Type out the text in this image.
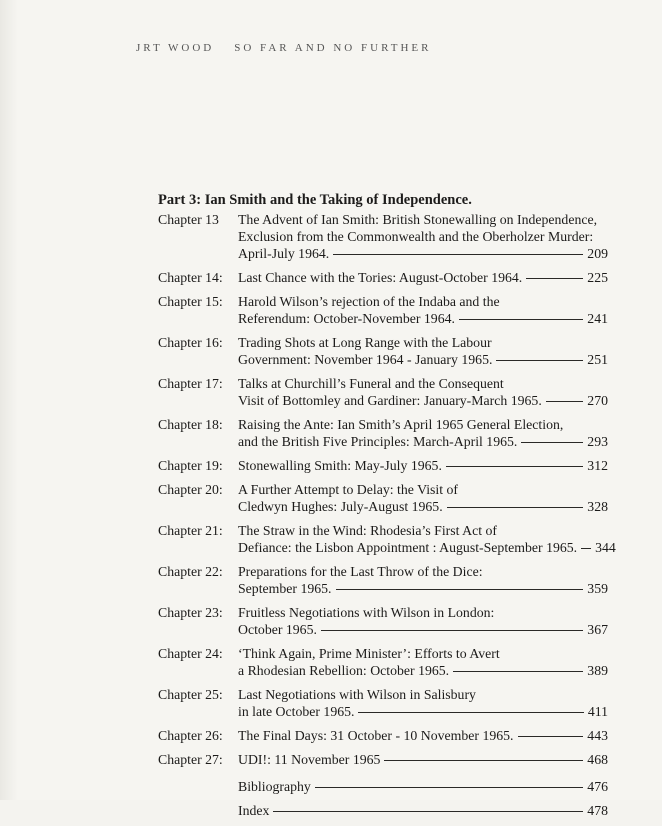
JRT WOOD SO FAR AND NO FURTHER
Part 3: Ian Smith and the Taking of Independence.
Chapter 13	The Advent of Ian Smith: British Stonewalling on Independence,
Exclusion from the Commonwealth and the Oberholzer Murder:
April-July 1964.	209
Chapter 14:	Last Chance with the Tories: August-October 1964.	225
Chapter 15:	Harold Wilson’s rejection of the Indaba and the
Referendum: October-November 1964.	241
Chapter 16:	Trading Shots at Long Range with the Labour
Government: November 1964 - January 1965.	251
Chapter 17:	Talks at Churchill’s Funeral and the Consequent
Visit of Bottomley and Gardiner: January-March 1965.	270
Chapter 18:	Raising the Ante: Ian Smith’s April 1965 General Election,
and the British Five Principles: March-April 1965.	293
Chapter 19:	Stonewalling Smith: May-July 1965.	312
Chapter 20:	A Further Attempt to Delay: the Visit of
Cledwyn Hughes: July-August 1965.	328
Chapter 21:	The Straw in the Wind: Rhodesia’s First Act of
Defiance: the Lisbon Appointment : August-September 1965. 344
Chapter 22:	Preparations for the Last Throw of the Dice:
September 1965.	359
Chapter 23:	Fruitless Negotiations with Wilson in London:
October 1965.	367
Chapter 24:	‘Think Again, Prime Minister’: Efforts to Avert
a Rhodesian Rebellion: October 1965.	389
Chapter 25:	Last Negotiations with Wilson in Salisbury
in late October 1965.	411
Chapter 26:	The Final Days: 31 October - 10 November 1965.	443
Chapter 27:	UDI!: 11 November 1965	468
Bibliography	476
Index	478
